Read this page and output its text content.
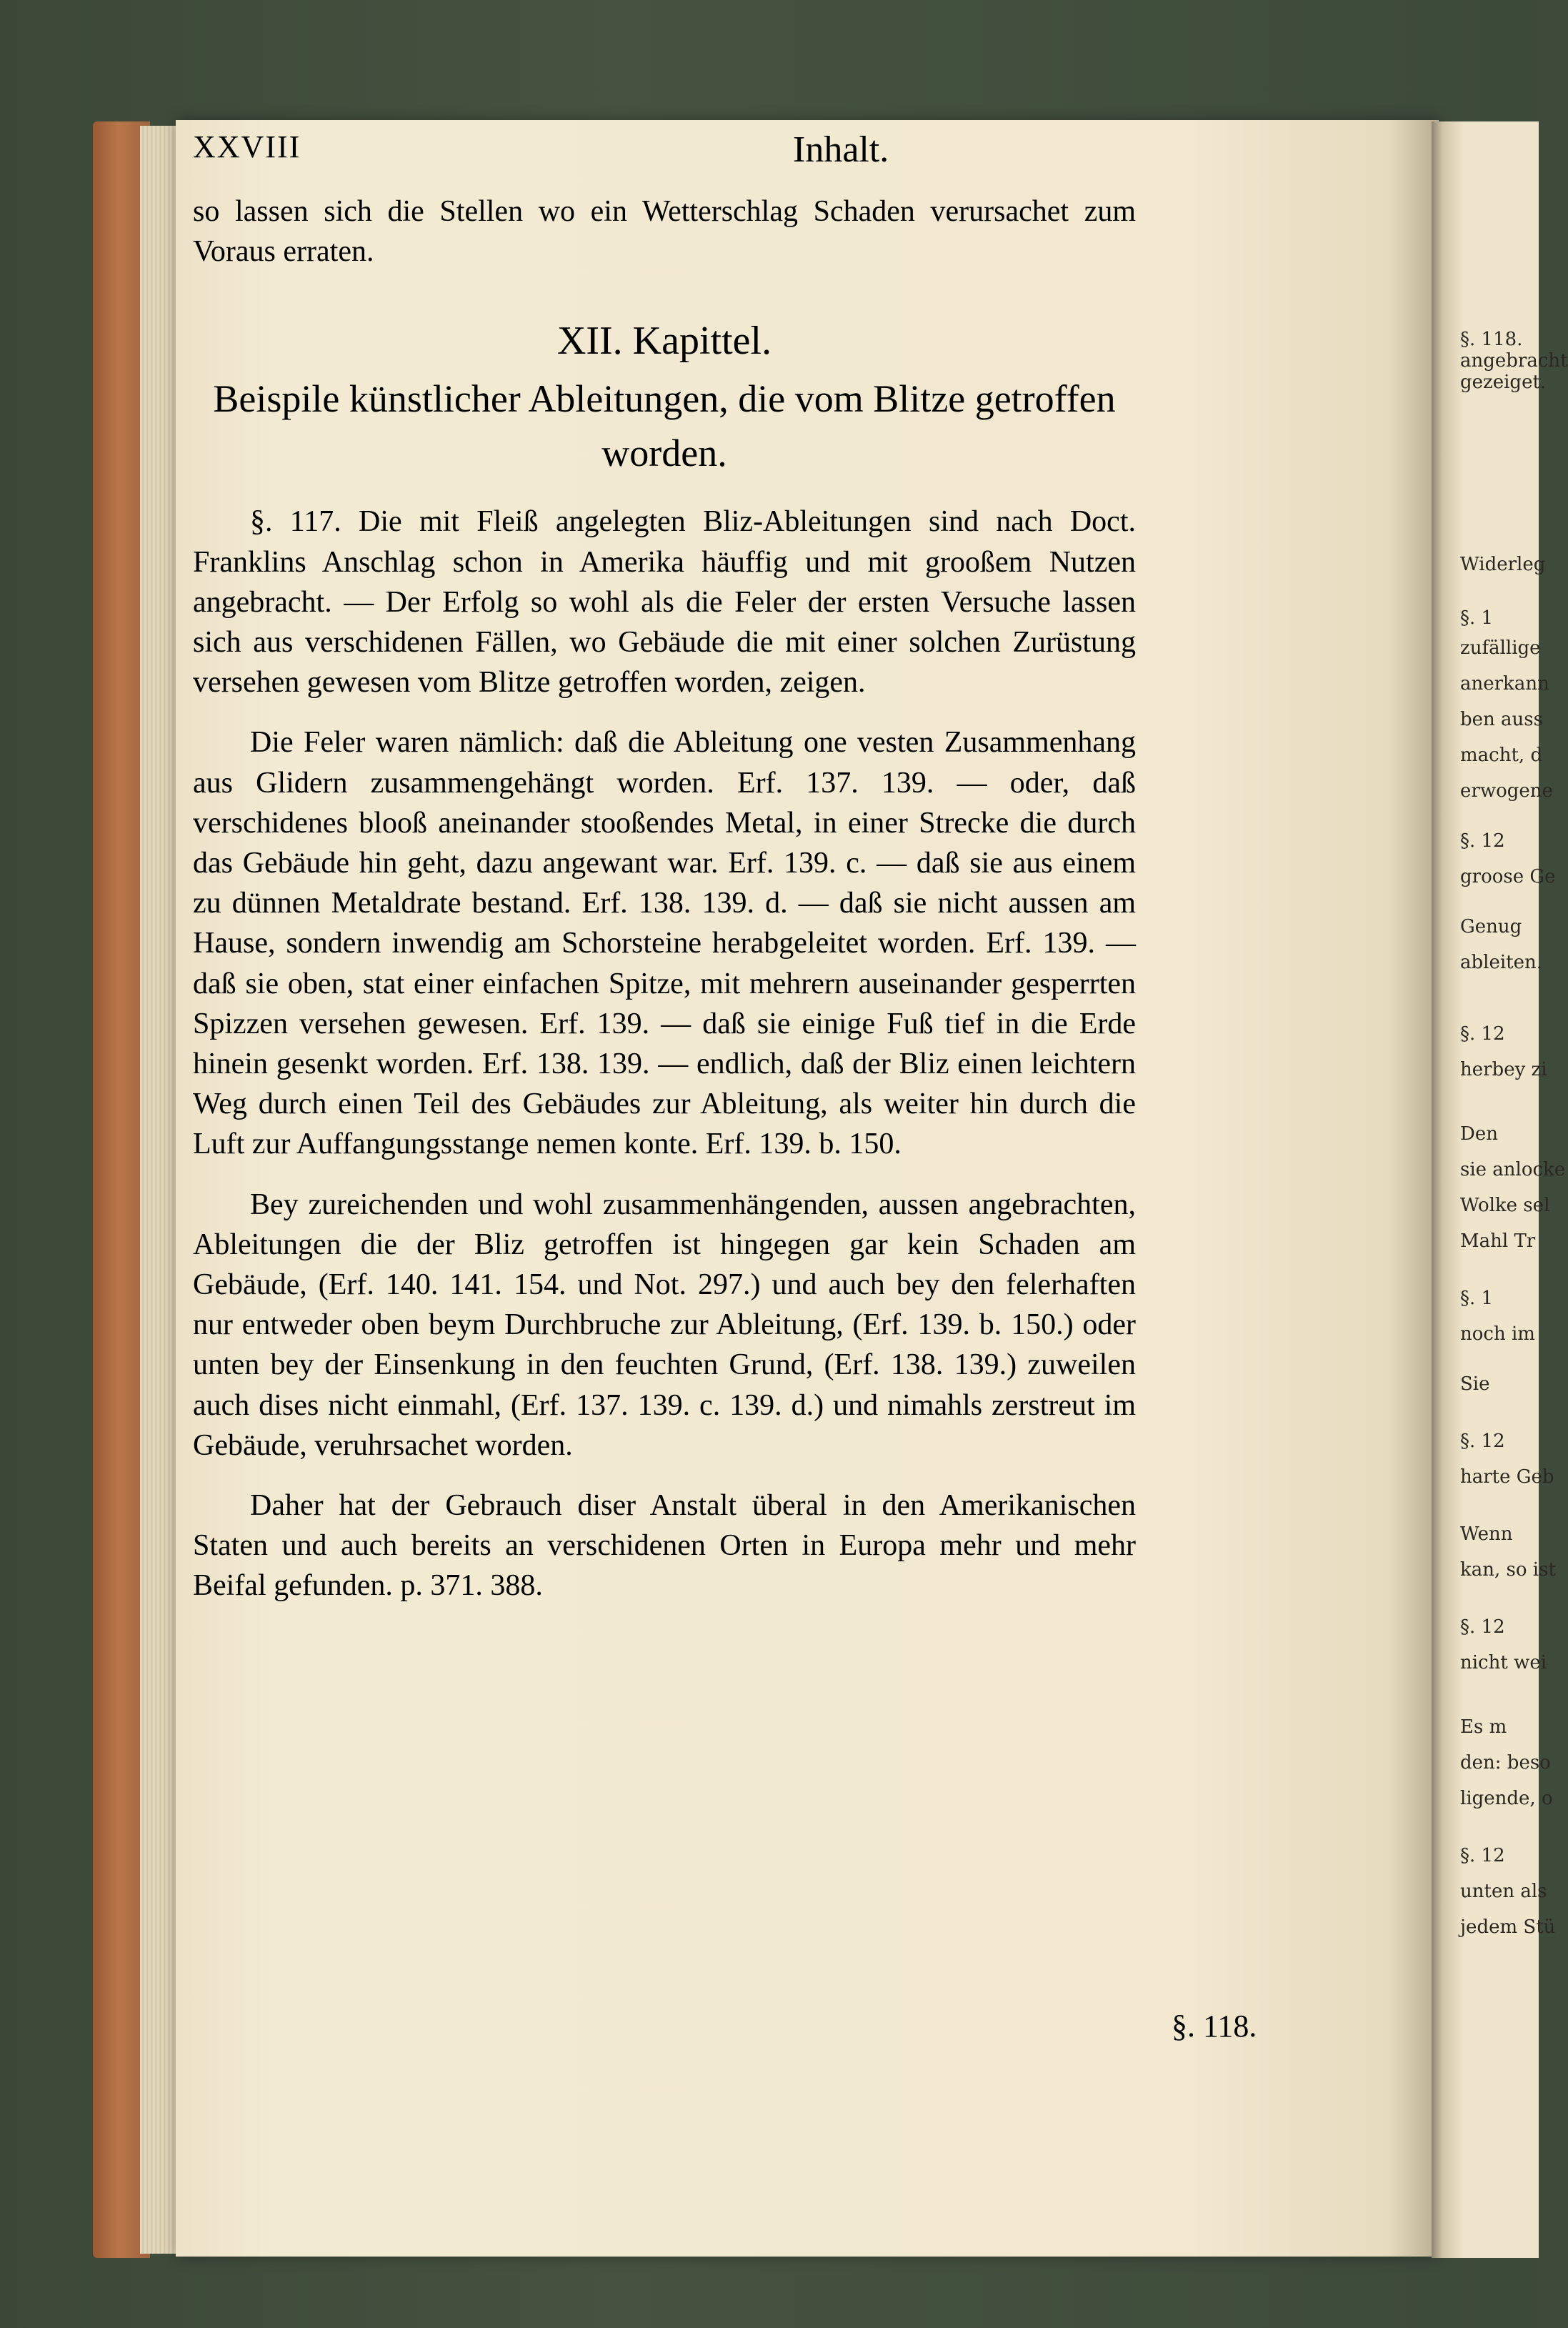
XXVIII	Inhalt.

so lassen sich die Stellen wo ein Wetterschlag Schaden verursachet zum Voraus erraten.

XII. Kapittel.
Beispile künstlicher Ableitungen, die vom Blitze getroffen worden.

§. 117. Die mit Fleiß angelegten Bliz-Ableitungen sind nach Doct. Franklins Anschlag schon in Amerika häuffig und mit grooßem Nutzen angebracht. — Der Erfolg so wohl als die Feler der ersten Versuche lassen sich aus verschidenen Fällen, wo Gebäude die mit einer solchen Zurüstung versehen gewesen vom Blitze getroffen worden, zeigen.

Die Feler waren nämlich: daß die Ableitung one vesten Zusammenhang aus Glidern zusammengehängt worden. Erf. 137. 139. — oder, daß verschidenes blooß aneinander stooßendes Metal, in einer Strecke die durch das Gebäude hin geht, dazu angewant war. Erf. 139. c. — daß sie aus einem zu dünnen Metaldrate bestand. Erf. 138. 139. d. — daß sie nicht aussen am Hause, sondern inwendig am Schorsteine herabgeleitet worden. Erf. 139. — daß sie oben, stat einer einfachen Spitze, mit mehrern auseinander gesperrten Spizzen versehen gewesen. Erf. 139. — daß sie einige Fuß tief in die Erde hinein gesenkt worden. Erf. 138. 139. — endlich, daß der Bliz einen leichtern Weg durch einen Teil des Gebäudes zur Ableitung, als weiter hin durch die Luft zur Auffangungsstange nemen konte. Erf. 139. b. 150.

Bey zureichenden und wohl zusammenhängenden, aussen angebrachten, Ableitungen die der Bliz getroffen ist hingegen gar kein Schaden am Gebäude, (Erf. 140. 141. 154. und Not. 297.) und auch bey den felerhaften nur entweder oben beym Durchbruche zur Ableitung, (Erf. 139. b. 150.) oder unten bey der Einsenkung in den feuchten Grund, (Erf. 138. 139.) zuweilen auch dises nicht einmahl, (Erf. 137. 139. c. 139. d.) und nimahls zerstreut im Gebäude, veruhrsachet worden.

Daher hat der Gebrauch diser Anstalt überal in den Amerikanischen Staten und auch bereits an verschidenen Orten in Europa mehr und mehr Beifal gefunden. p. 371. 388.

§. 118.
§. 118.
angebracht
gezeiget.
Widerleg
§. 1
zufällige
anerkann
ben auss
macht, d
erwogene
§. 12
groose Ge
Genug
ableiten.
§. 12
herbey zi
Den
sie anlocke
Wolke sel
Mahl Tr
§. 1
noch im
Sie
§. 12
harte Geb
Wenn
kan, so ist
§. 12
nicht wei
Es m
den: beso
ligende, o
§. 12
unten als
jedem Stü
